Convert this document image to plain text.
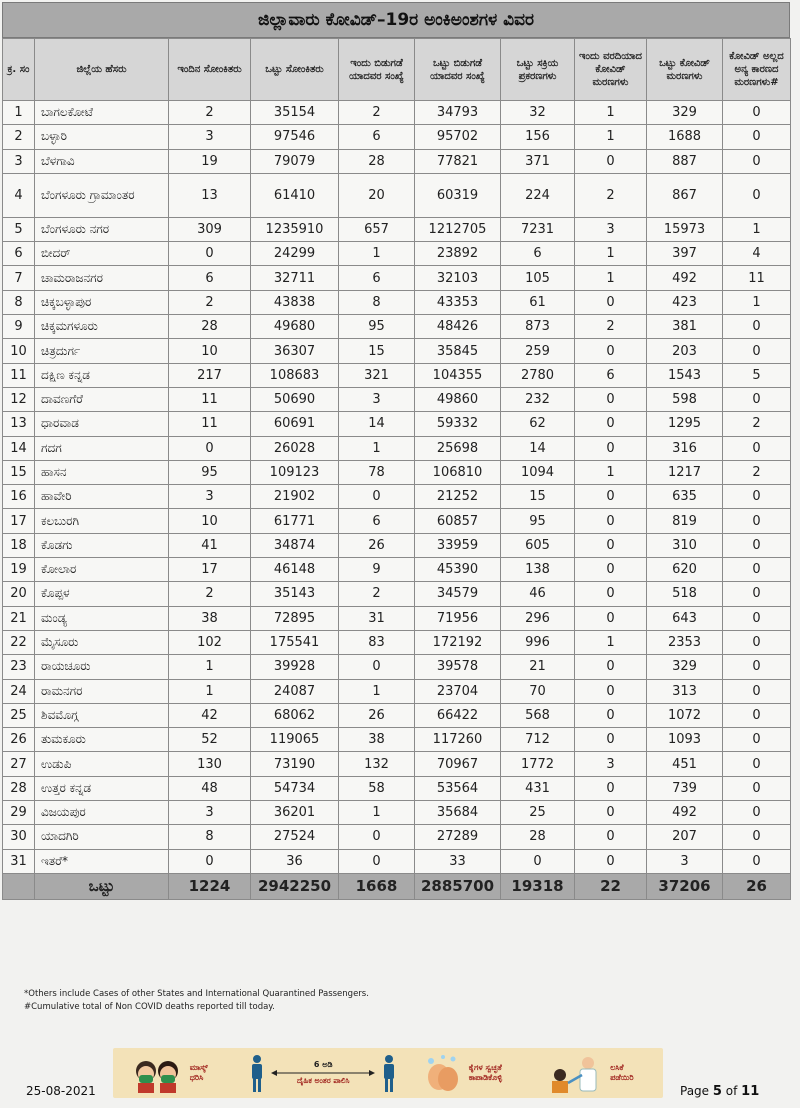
ಜಿಲ್ಲಾವಾರು ಕೋವಿಡ್–19ರ ಅಂಕಿಅಂಶಗಳ ವಿವರ
ಕ್ರ. ಸಂ	ಜಿಲ್ಲೆಯ ಹೆಸರು	ಇಂದಿನ ಸೋಂಕಿತರು	ಒಟ್ಟು ಸೋಂಕಿತರು	ಇಂದು ಬಿಡುಗಡೆ ಯಾದವರ ಸಂಖ್ಯೆ	ಒಟ್ಟು ಬಿಡುಗಡೆ ಯಾದವರ ಸಂಖ್ಯೆ	ಒಟ್ಟು ಸಕ್ರಿಯ ಪ್ರಕರಣಗಳು	ಇಂದು ವರದಿಯಾದ ಕೋವಿಡ್ ಮರಣಗಳು	ಒಟ್ಟು ಕೋವಿಡ್ ಮರಣಗಳು	ಕೋವಿಡ್ ಅಲ್ಲದ ಅನ್ಯ ಕಾರಣದ ಮರಣಗಳು#
1	ಬಾಗಲಕೋಟೆ	2	35154	2	34793	32	1	329	0
2	ಬಳ್ಳಾರಿ	3	97546	6	95702	156	1	1688	0
3	ಬೆಳಗಾವಿ	19	79079	28	77821	371	0	887	0
4	ಬೆಂಗಳೂರು ಗ್ರಾಮಾಂತರ	13	61410	20	60319	224	2	867	0
5	ಬೆಂಗಳೂರು ನಗರ	309	1235910	657	1212705	7231	3	15973	1
6	ಬೀದರ್	0	24299	1	23892	6	1	397	4
7	ಚಾಮರಾಜನಗರ	6	32711	6	32103	105	1	492	11
8	ಚಿಕ್ಕಬಳ್ಳಾಪುರ	2	43838	8	43353	61	0	423	1
9	ಚಿಕ್ಕಮಗಳೂರು	28	49680	95	48426	873	2	381	0
10	ಚಿತ್ರದುರ್ಗ	10	36307	15	35845	259	0	203	0
11	ದಕ್ಷಿಣ ಕನ್ನಡ	217	108683	321	104355	2780	6	1543	5
12	ದಾವಣಗೆರೆ	11	50690	3	49860	232	0	598	0
13	ಧಾರವಾಡ	11	60691	14	59332	62	0	1295	2
14	ಗದಗ	0	26028	1	25698	14	0	316	0
15	ಹಾಸನ	95	109123	78	106810	1094	1	1217	2
16	ಹಾವೇರಿ	3	21902	0	21252	15	0	635	0
17	ಕಲಬುರಗಿ	10	61771	6	60857	95	0	819	0
18	ಕೊಡಗು	41	34874	26	33959	605	0	310	0
19	ಕೋಲಾರ	17	46148	9	45390	138	0	620	0
20	ಕೊಪ್ಪಳ	2	35143	2	34579	46	0	518	0
21	ಮಂಡ್ಯ	38	72895	31	71956	296	0	643	0
22	ಮೈಸೂರು	102	175541	83	172192	996	1	2353	0
23	ರಾಯಚೂರು	1	39928	0	39578	21	0	329	0
24	ರಾಮನಗರ	1	24087	1	23704	70	0	313	0
25	ಶಿವಮೊಗ್ಗ	42	68062	26	66422	568	0	1072	0
26	ತುಮಕೂರು	52	119065	38	117260	712	0	1093	0
27	ಉಡುಪಿ	130	73190	132	70967	1772	3	451	0
28	ಉತ್ತರ ಕನ್ನಡ	48	54734	58	53564	431	0	739	0
29	ವಿಜಯಪುರ	3	36201	1	35684	25	0	492	0
30	ಯಾದಗಿರಿ	8	27524	0	27289	28	0	207	0
31	ಇತರೆ*	0	36	0	33	0	0	3	0
	ಒಟ್ಟು	1224	2942250	1668	2885700	19318	22	37206	26
*Others include Cases of other States and International Quarantined Passengers.
#Cumulative total of Non COVID deaths reported till today.
ಮಾಸ್ಕ್ ಧರಿಸಿ
6 ಅಡಿ
ದೈಹಿಕ ಅಂತರ ಪಾಲಿಸಿ
ಕೈಗಳ ಸ್ವಚ್ಛತೆ ಕಾಪಾಡಿಕೊಳ್ಳಿ
ಲಸಿಕೆ ಪಡೆಯಿರಿ
25-08-2021	Page 5 of 11
